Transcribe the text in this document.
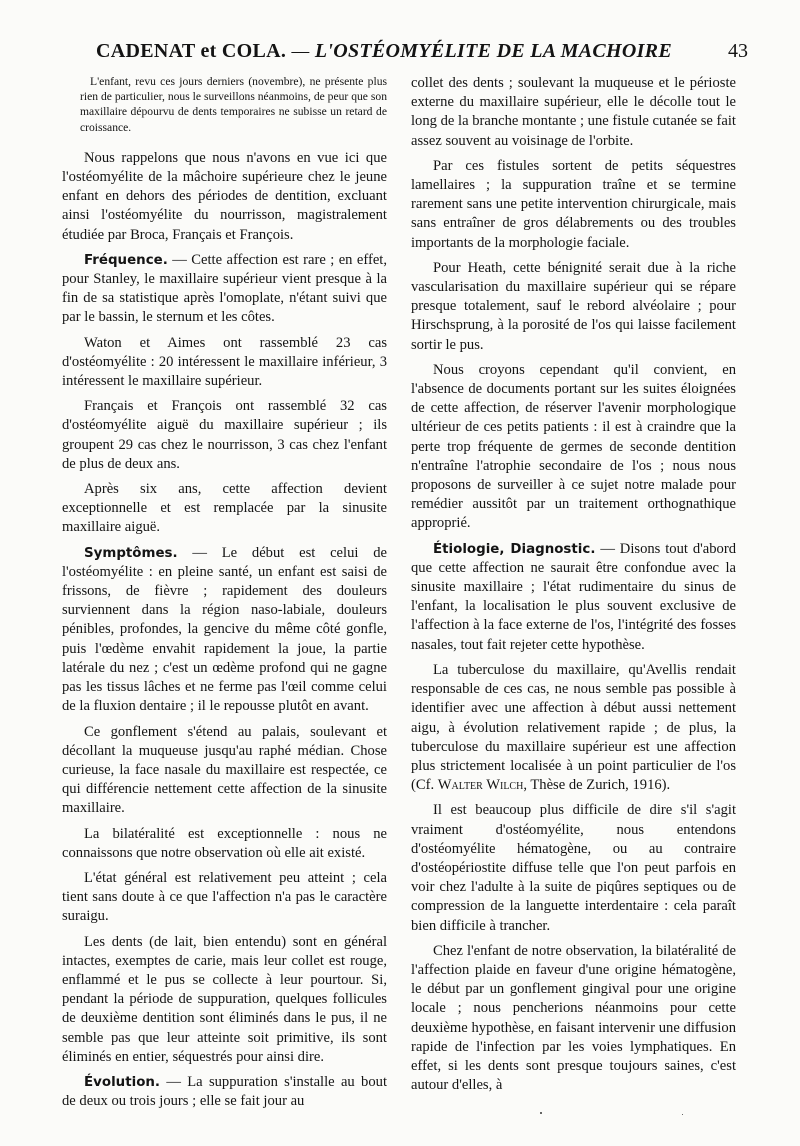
CADENAT et COLA. — L'OSTÉOMYÉLITE DE LA MACHOIRE	43

L'enfant, revu ces jours derniers (novembre), ne présente plus rien de particulier, nous le surveillons néanmoins, de peur que son maxillaire dépourvu de dents temporaires ne subisse un retard de croissance.

Nous rappelons que nous n'avons en vue ici que l'ostéomyélite de la mâchoire supérieure chez le jeune enfant en dehors des périodes de dentition, excluant ainsi l'ostéomyélite du nourrisson, magistralement étudiée par Broca, Français et François.

Fréquence. — Cette affection est rare ; en effet, pour Stanley, le maxillaire supérieur vient presque à la fin de sa statistique après l'omoplate, n'étant suivi que par le bassin, le sternum et les côtes.

Waton et Aimes ont rassemblé 23 cas d'ostéomyélite : 20 intéressent le maxillaire inférieur, 3 intéressent le maxillaire supérieur.

Français et François ont rassemblé 32 cas d'ostéomyélite aiguë du maxillaire supérieur ; ils groupent 29 cas chez le nourrisson, 3 cas chez l'enfant de plus de deux ans.

Après six ans, cette affection devient exceptionnelle et est remplacée par la sinusite maxillaire aiguë.

Symptômes. — Le début est celui de l'ostéomyélite : en pleine santé, un enfant est saisi de frissons, de fièvre ; rapidement des douleurs surviennent dans la région naso-labiale, douleurs pénibles, profondes, la gencive du même côté gonfle, puis l'œdème envahit rapidement la joue, la partie latérale du nez ; c'est un œdème profond qui ne gagne pas les tissus lâches et ne ferme pas l'œil comme celui de la fluxion dentaire ; il le repousse plutôt en avant.

Ce gonflement s'étend au palais, soulevant et décollant la muqueuse jusqu'au raphé médian. Chose curieuse, la face nasale du maxillaire est respectée, ce qui différencie nettement cette affection de la sinusite maxillaire.

La bilatéralité est exceptionnelle : nous ne connaissons que notre observation où elle ait existé.

L'état général est relativement peu atteint ; cela tient sans doute à ce que l'affection n'a pas le caractère suraigu.

Les dents (de lait, bien entendu) sont en général intactes, exemptes de carie, mais leur collet est rouge, enflammé et le pus se collecte à leur pourtour. Si, pendant la période de suppuration, quelques follicules de deuxième dentition sont éliminés dans le pus, il ne semble pas que leur atteinte soit primitive, ils sont éliminés en entier, séquestrés pour ainsi dire.

Évolution. — La suppuration s'installe au bout de deux ou trois jours ; elle se fait jour au

collet des dents ; soulevant la muqueuse et le périoste externe du maxillaire supérieur, elle le décolle tout le long de la branche montante ; une fistule cutanée se fait assez souvent au voisinage de l'orbite.

Par ces fistules sortent de petits séquestres lamellaires ; la suppuration traîne et se termine rarement sans une petite intervention chirurgicale, mais sans entraîner de gros délabrements ou des troubles importants de la morphologie faciale.

Pour Heath, cette bénignité serait due à la riche vascularisation du maxillaire supérieur qui se répare presque totalement, sauf le rebord alvéolaire ; pour Hirschsprung, à la porosité de l'os qui laisse facilement sortir le pus.

Nous croyons cependant qu'il convient, en l'absence de documents portant sur les suites éloignées de cette affection, de réserver l'avenir morphologique ultérieur de ces petits patients : il est à craindre que la perte trop fréquente de germes de seconde dentition n'entraîne l'atrophie secondaire de l'os ; nous nous proposons de surveiller à ce sujet notre malade pour remédier aussitôt par un traitement orthognathique approprié.

Étiologie, Diagnostic. — Disons tout d'abord que cette affection ne saurait être confondue avec la sinusite maxillaire ; l'état rudimentaire du sinus de l'enfant, la localisation le plus souvent exclusive de l'affection à la face externe de l'os, l'intégrité des fosses nasales, tout fait rejeter cette hypothèse.

La tuberculose du maxillaire, qu'Avellis rendait responsable de ces cas, ne nous semble pas possible à identifier avec une affection à début aussi nettement aigu, à évolution relativement rapide ; de plus, la tuberculose du maxillaire supérieur est une affection plus strictement localisée à un point particulier de l'os (Cf. Walter Wilch, Thèse de Zurich, 1916).

Il est beaucoup plus difficile de dire s'il s'agit vraiment d'ostéomyélite, nous entendons d'ostéomyélite hématogène, ou au contraire d'ostéopériostite diffuse telle que l'on peut parfois en voir chez l'adulte à la suite de piqûres septiques ou de compression de la languette interdentaire : cela paraît bien difficile à trancher.

Chez l'enfant de notre observation, la bilatéralité de l'affection plaide en faveur d'une origine hématogène, le début par un gonflement gingival pour une origine locale ; nous pencherions néanmoins pour cette deuxième hypothèse, en faisant intervenir une diffusion rapide de l'infection par les voies lymphatiques. En effet, si les dents sont presque toujours saines, c'est autour d'elles, à
